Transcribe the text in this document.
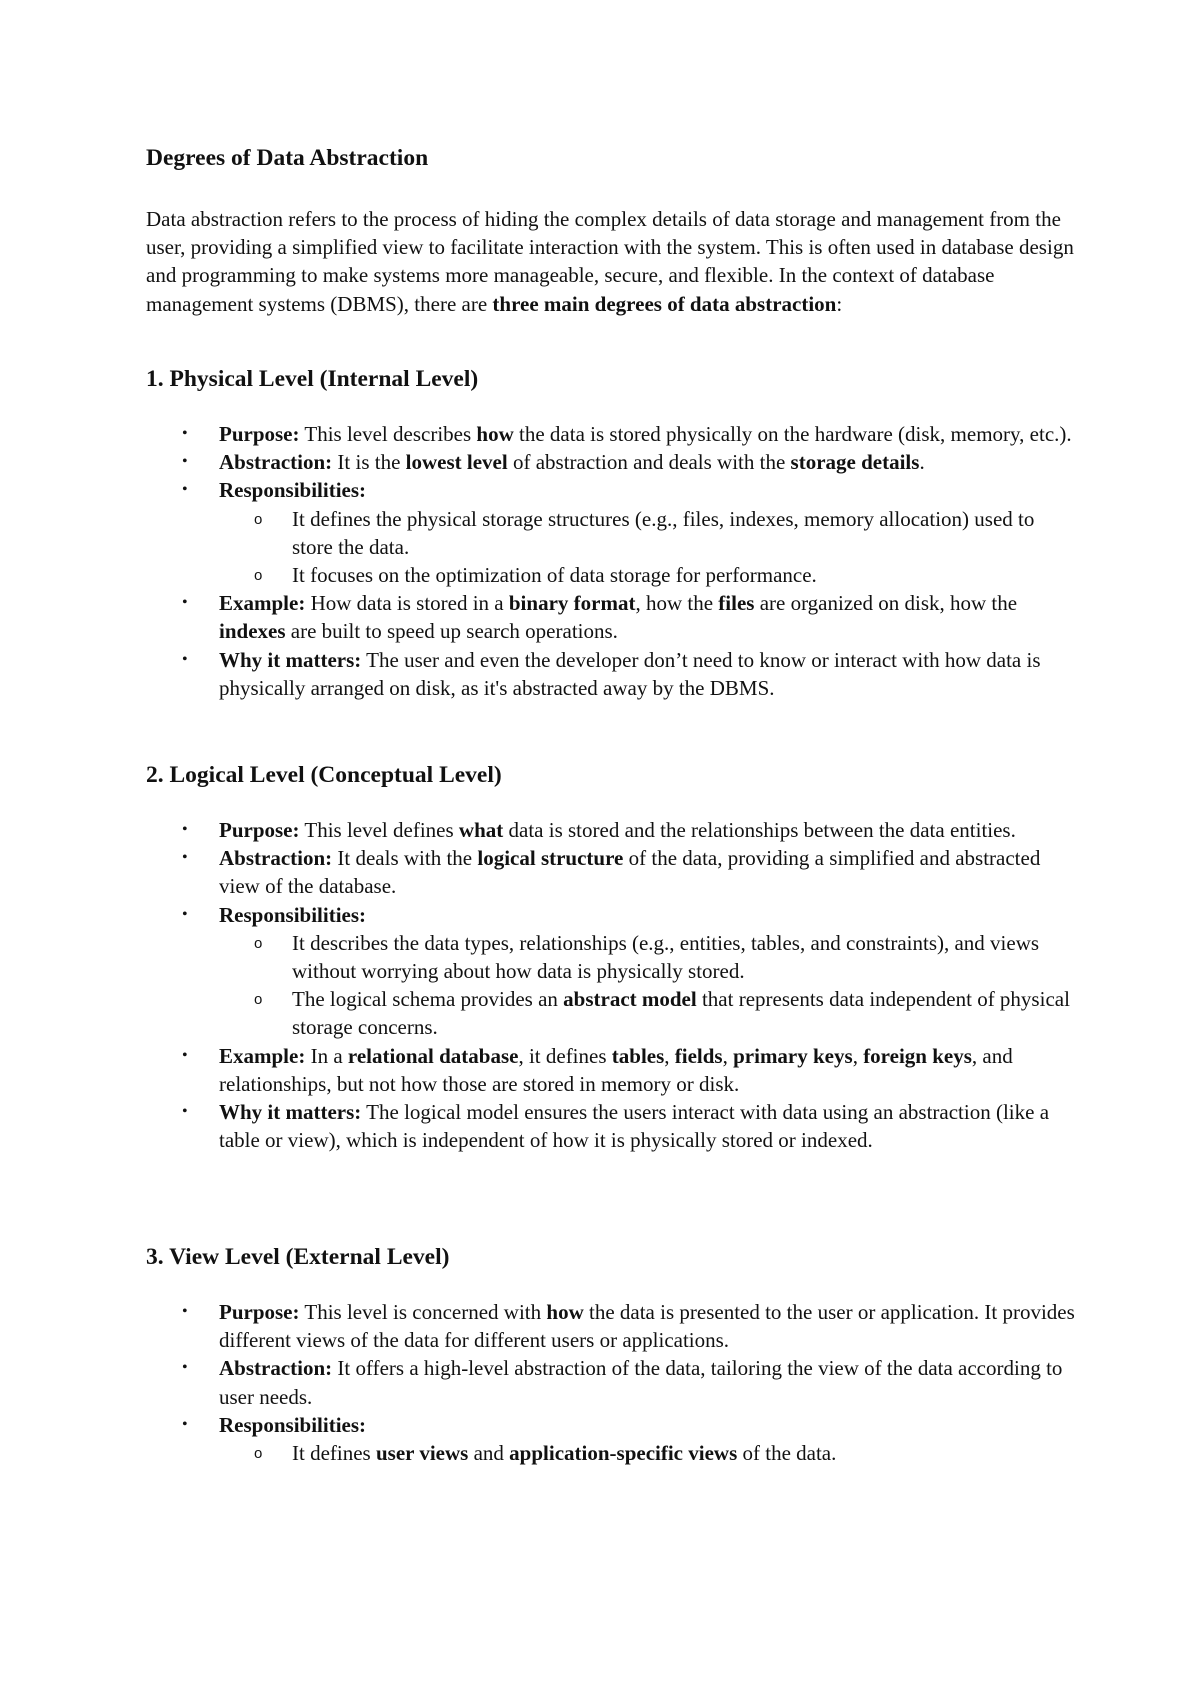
Degrees of Data Abstraction

Data abstraction refers to the process of hiding the complex details of data storage and management from the user, providing a simplified view to facilitate interaction with the system. This is often used in database design and programming to make systems more manageable, secure, and flexible. In the context of database management systems (DBMS), there are three main degrees of data abstraction:

1. Physical Level (Internal Level)
• Purpose: This level describes how the data is stored physically on the hardware (disk, memory, etc.).
• Abstraction: It is the lowest level of abstraction and deals with the storage details.
• Responsibilities:
o It defines the physical storage structures (e.g., files, indexes, memory allocation) used to store the data.
o It focuses on the optimization of data storage for performance.
• Example: How data is stored in a binary format, how the files are organized on disk, how the indexes are built to speed up search operations.
• Why it matters: The user and even the developer don’t need to know or interact with how data is physically arranged on disk, as it's abstracted away by the DBMS.
2. Logical Level (Conceptual Level)
• Purpose: This level defines what data is stored and the relationships between the data entities.
• Abstraction: It deals with the logical structure of the data, providing a simplified and abstracted view of the database.
• Responsibilities:
o It describes the data types, relationships (e.g., entities, tables, and constraints), and views without worrying about how data is physically stored.
o The logical schema provides an abstract model that represents data independent of physical storage concerns.
• Example: In a relational database, it defines tables, fields, primary keys, foreign keys, and relationships, but not how those are stored in memory or disk.
• Why it matters: The logical model ensures the users interact with data using an abstraction (like a table or view), which is independent of how it is physically stored or indexed.
3. View Level (External Level)
• Purpose: This level is concerned with how the data is presented to the user or application. It provides different views of the data for different users or applications.
• Abstraction: It offers a high-level abstraction of the data, tailoring the view of the data according to user needs.
• Responsibilities:
o It defines user views and application-specific views of the data.
